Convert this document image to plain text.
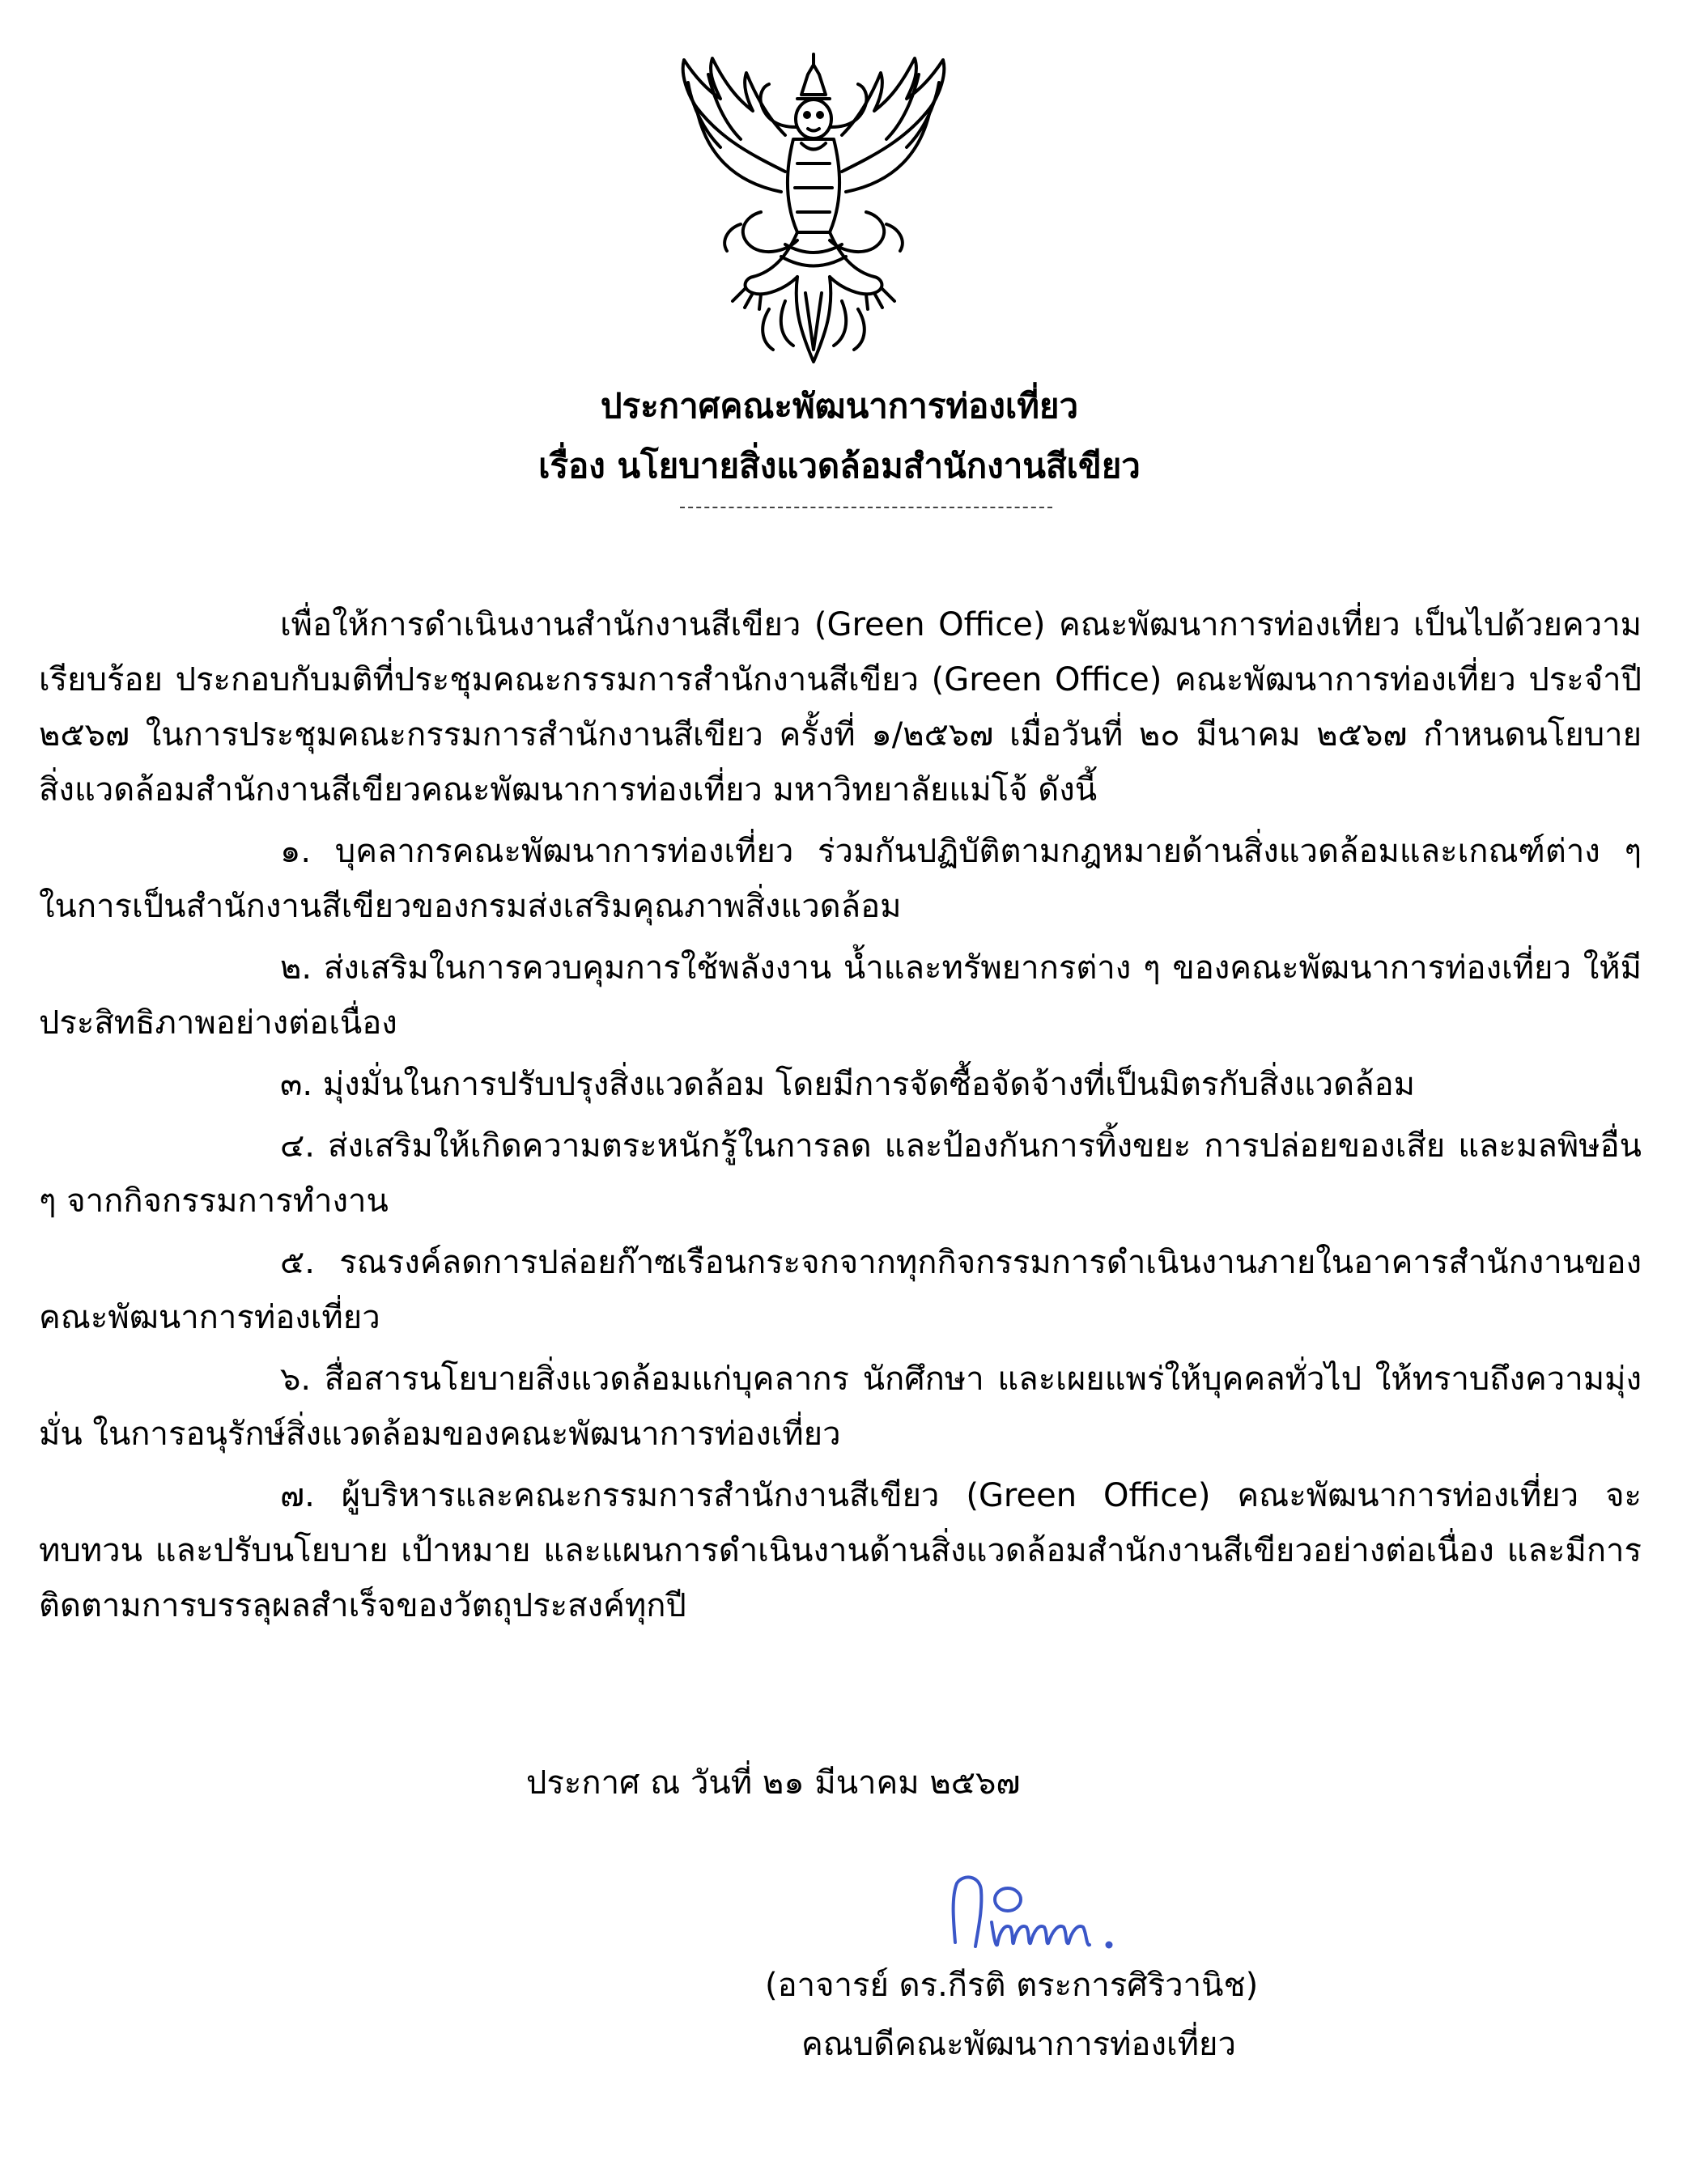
ประกาศคณะพัฒนาการท่องเที่ยว
เรื่อง นโยบายสิ่งแวดล้อมสำนักงานสีเขียว

เพื่อให้การดำเนินงานสำนักงานสีเขียว (Green Office) คณะพัฒนาการท่องเที่ยว เป็นไปด้วยความเรียบร้อย ประกอบกับมติที่ประชุมคณะกรรมการสำนักงานสีเขียว (Green Office) คณะพัฒนาการท่องเที่ยว ประจำปี ๒๕๖๗ ในการประชุมคณะกรรมการสำนักงานสีเขียว ครั้งที่ ๑/๒๕๖๗ เมื่อวันที่ ๒๐ มีนาคม ๒๕๖๗ กำหนดนโยบาย สิ่งแวดล้อมสำนักงานสีเขียวคณะพัฒนาการท่องเที่ยว มหาวิทยาลัยแม่โจ้ ดังนี้

๑. บุคลากรคณะพัฒนาการท่องเที่ยว ร่วมกันปฏิบัติตามกฎหมายด้านสิ่งแวดล้อมและเกณฑ์ต่าง ๆ ในการเป็นสำนักงานสีเขียวของกรมส่งเสริมคุณภาพสิ่งแวดล้อม

๒. ส่งเสริมในการควบคุมการใช้พลังงาน น้ำและทรัพยากรต่าง ๆ ของคณะพัฒนาการท่องเที่ยว ให้มีประสิทธิภาพอย่างต่อเนื่อง

๓. มุ่งมั่นในการปรับปรุงสิ่งแวดล้อม โดยมีการจัดซื้อจัดจ้างที่เป็นมิตรกับสิ่งแวดล้อม

๔. ส่งเสริมให้เกิดความตระหนักรู้ในการลด และป้องกันการทิ้งขยะ การปล่อยของเสีย และมลพิษอื่น ๆ จากกิจกรรมการทำงาน

๕. รณรงค์ลดการปล่อยก๊าซเรือนกระจกจากทุกกิจกรรมการดำเนินงานภายในอาคารสำนักงานของคณะพัฒนาการท่องเที่ยว

๖. สื่อสารนโยบายสิ่งแวดล้อมแก่บุคลากร นักศึกษา และเผยแพร่ให้บุคคลทั่วไป ให้ทราบถึงความมุ่งมั่น ในการอนุรักษ์สิ่งแวดล้อมของคณะพัฒนาการท่องเที่ยว

๗. ผู้บริหารและคณะกรรมการสำนักงานสีเขียว (Green Office) คณะพัฒนาการท่องเที่ยว จะทบทวน และปรับนโยบาย เป้าหมาย และแผนการดำเนินงานด้านสิ่งแวดล้อมสำนักงานสีเขียวอย่างต่อเนื่อง และมีการติดตามการบรรลุผลสำเร็จของวัตถุประสงค์ทุกปี

ประกาศ ณ วันที่ ๒๑ มีนาคม ๒๕๖๗
(อาจารย์ ดร.กีรติ ตระการศิริวานิช)
คณบดีคณะพัฒนาการท่องเที่ยว
